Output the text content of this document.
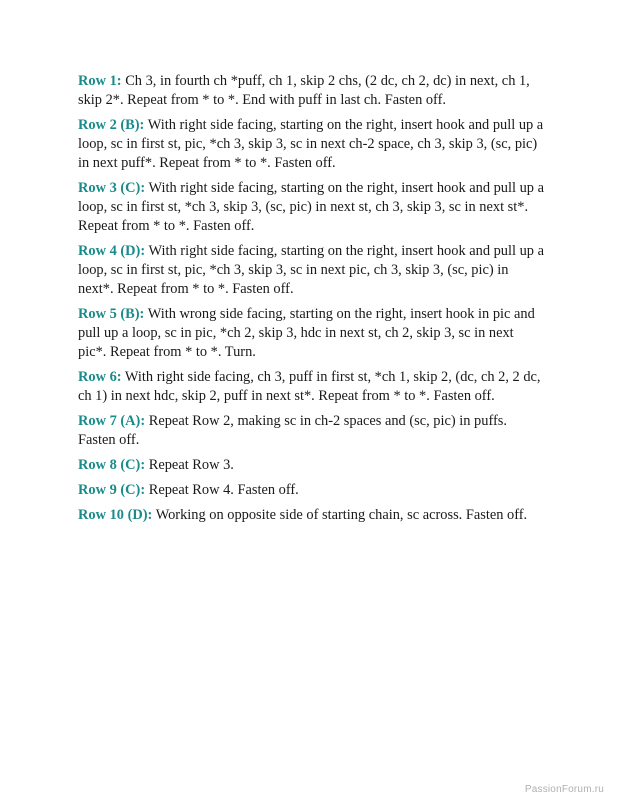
Row 1: Ch 3, in fourth ch *puff, ch 1, skip 2 chs, (2 dc, ch 2, dc) in next, ch 1, skip 2*. Repeat from * to *. End with puff in last ch. Fasten off.

Row 2 (B): With right side facing, starting on the right, insert hook and pull up a loop, sc in first st, pic, *ch 3, skip 3, sc in next ch-2 space, ch 3, skip 3, (sc, pic) in next puff*. Repeat from * to *. Fasten off.

Row 3 (C): With right side facing, starting on the right, insert hook and pull up a loop, sc in first st, *ch 3, skip 3, (sc, pic) in next st, ch 3, skip 3, sc in next st*. Repeat from * to *. Fasten off.

Row 4 (D): With right side facing, starting on the right, insert hook and pull up a loop, sc in first st, pic, *ch 3, skip 3, sc in next pic, ch 3, skip 3, (sc, pic) in next*. Repeat from * to *. Fasten off.

Row 5 (B): With wrong side facing, starting on the right, insert hook in pic and pull up a loop, sc in pic, *ch 2, skip 3, hdc in next st, ch 2, skip 3, sc in next pic*. Repeat from * to *. Turn.

Row 6: With right side facing, ch 3, puff in first st, *ch 1, skip 2, (dc, ch 2, 2 dc, ch 1) in next hdc, skip 2, puff in next st*. Repeat from * to *. Fasten off.

Row 7 (A): Repeat Row 2, making sc in ch-2 spaces and (sc, pic) in puffs. Fasten off.

Row 8 (C): Repeat Row 3.

Row 9 (C): Repeat Row 4. Fasten off.

Row 10 (D): Working on opposite side of starting chain, sc across. Fasten off.

PassionForum.ru
